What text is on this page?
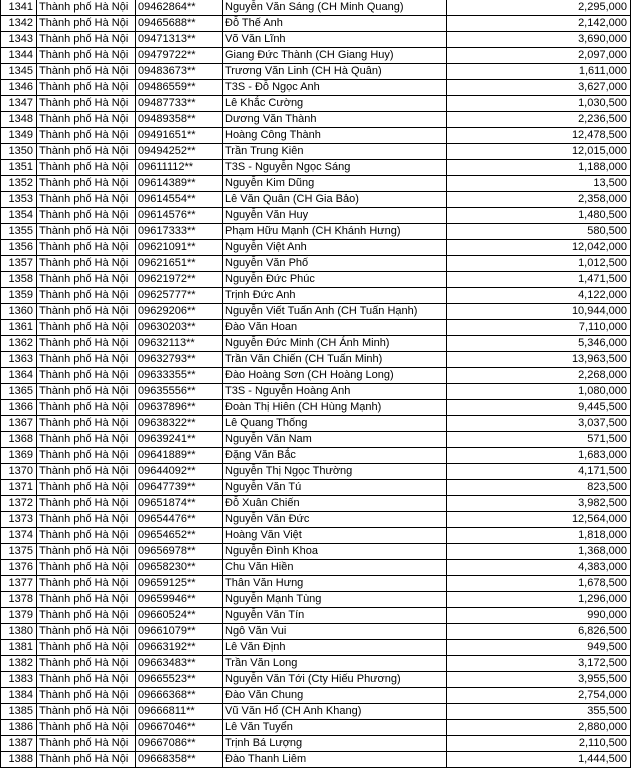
1341	Thành phố Hà Nội	09462864**	Nguyễn Văn Sáng (CH Minh Quang)	2,295,000
1342	Thành phố Hà Nội	09465688**	Đỗ Thế Anh	2,142,000
1343	Thành phố Hà Nội	09471313**	Võ Văn Lĩnh	3,690,000
1344	Thành phố Hà Nội	09479722**	Giang Đức Thành (CH Giang Huy)	2,097,000
1345	Thành phố Hà Nội	09483673**	Trương Văn Linh (CH Hà Quân)	1,611,000
1346	Thành phố Hà Nội	09486559**	T3S - Đỗ Ngọc Anh	3,627,000
1347	Thành phố Hà Nội	09487733**	Lê Khắc Cường	1,030,500
1348	Thành phố Hà Nội	09489358**	Dương Văn Thành	2,236,500
1349	Thành phố Hà Nội	09491651**	Hoàng Công Thành	12,478,500
1350	Thành phố Hà Nội	09494252**	Trần Trung Kiên	12,015,000
1351	Thành phố Hà Nội	09611112**	T3S - Nguyễn Ngọc Sáng	1,188,000
1352	Thành phố Hà Nội	09614389**	Nguyễn Kim Dũng	13,500
1353	Thành phố Hà Nội	09614554**	Lê Văn Quân (CH Gia Bảo)	2,358,000
1354	Thành phố Hà Nội	09614576**	Nguyễn Văn Huy	1,480,500
1355	Thành phố Hà Nội	09617333**	Phạm Hữu Mạnh (CH Khánh Hưng)	580,500
1356	Thành phố Hà Nội	09621091**	Nguyễn Việt Anh	12,042,000
1357	Thành phố Hà Nội	09621651**	Nguyễn Văn Phố	1,012,500
1358	Thành phố Hà Nội	09621972**	Nguyễn Đức Phúc	1,471,500
1359	Thành phố Hà Nội	09625777**	Trịnh Đức Anh	4,122,000
1360	Thành phố Hà Nội	09629206**	Nguyễn Viết Tuấn Anh (CH Tuấn Hạnh)	10,944,000
1361	Thành phố Hà Nội	09630203**	Đào Văn Hoan	7,110,000
1362	Thành phố Hà Nội	09632113**	Nguyễn Đức Minh (CH Ánh Minh)	5,346,000
1363	Thành phố Hà Nội	09632793**	Trần Văn Chiến (CH Tuấn Minh)	13,963,500
1364	Thành phố Hà Nội	09633355**	Đào Hoàng Sơn (CH Hoàng Long)	2,268,000
1365	Thành phố Hà Nội	09635556**	T3S - Nguyễn Hoàng Anh	1,080,000
1366	Thành phố Hà Nội	09637896**	Đoàn Thị Hiên (CH Hùng Mạnh)	9,445,500
1367	Thành phố Hà Nội	09638322**	Lê Quang Thống	3,037,500
1368	Thành phố Hà Nội	09639241**	Nguyễn Văn Nam	571,500
1369	Thành phố Hà Nội	09641889**	Đặng Văn Bắc	1,683,000
1370	Thành phố Hà Nội	09644092**	Nguyễn Thị Ngọc Thường	4,171,500
1371	Thành phố Hà Nội	09647739**	Nguyễn Văn Tú	823,500
1372	Thành phố Hà Nội	09651874**	Đỗ Xuân Chiến	3,982,500
1373	Thành phố Hà Nội	09654476**	Nguyễn Văn Đức	12,564,000
1374	Thành phố Hà Nội	09654652**	Hoàng Văn Việt	1,818,000
1375	Thành phố Hà Nội	09656978**	Nguyễn Đình Khoa	1,368,000
1376	Thành phố Hà Nội	09658230**	Chu Văn Hiền	4,383,000
1377	Thành phố Hà Nội	09659125**	Thân Văn Hưng	1,678,500
1378	Thành phố Hà Nội	09659946**	Nguyễn Mạnh Tùng	1,296,000
1379	Thành phố Hà Nội	09660524**	Nguyễn Văn Tín	990,000
1380	Thành phố Hà Nội	09661079**	Ngô Văn Vui	6,826,500
1381	Thành phố Hà Nội	09663192**	Lê Văn Định	949,500
1382	Thành phố Hà Nội	09663483**	Trần Văn Long	3,172,500
1383	Thành phố Hà Nội	09665523**	Nguyễn Văn Tới (Cty Hiếu Phương)	3,955,500
1384	Thành phố Hà Nội	09666368**	Đào Văn Chung	2,754,000
1385	Thành phố Hà Nội	09666811**	Vũ Văn Hổ (CH Anh Khang)	355,500
1386	Thành phố Hà Nội	09667046**	Lê Văn Tuyển	2,880,000
1387	Thành phố Hà Nội	09667086**	Trịnh Bá Lượng	2,110,500
1388	Thành phố Hà Nội	09668358**	Đào Thanh Liêm	1,444,500
